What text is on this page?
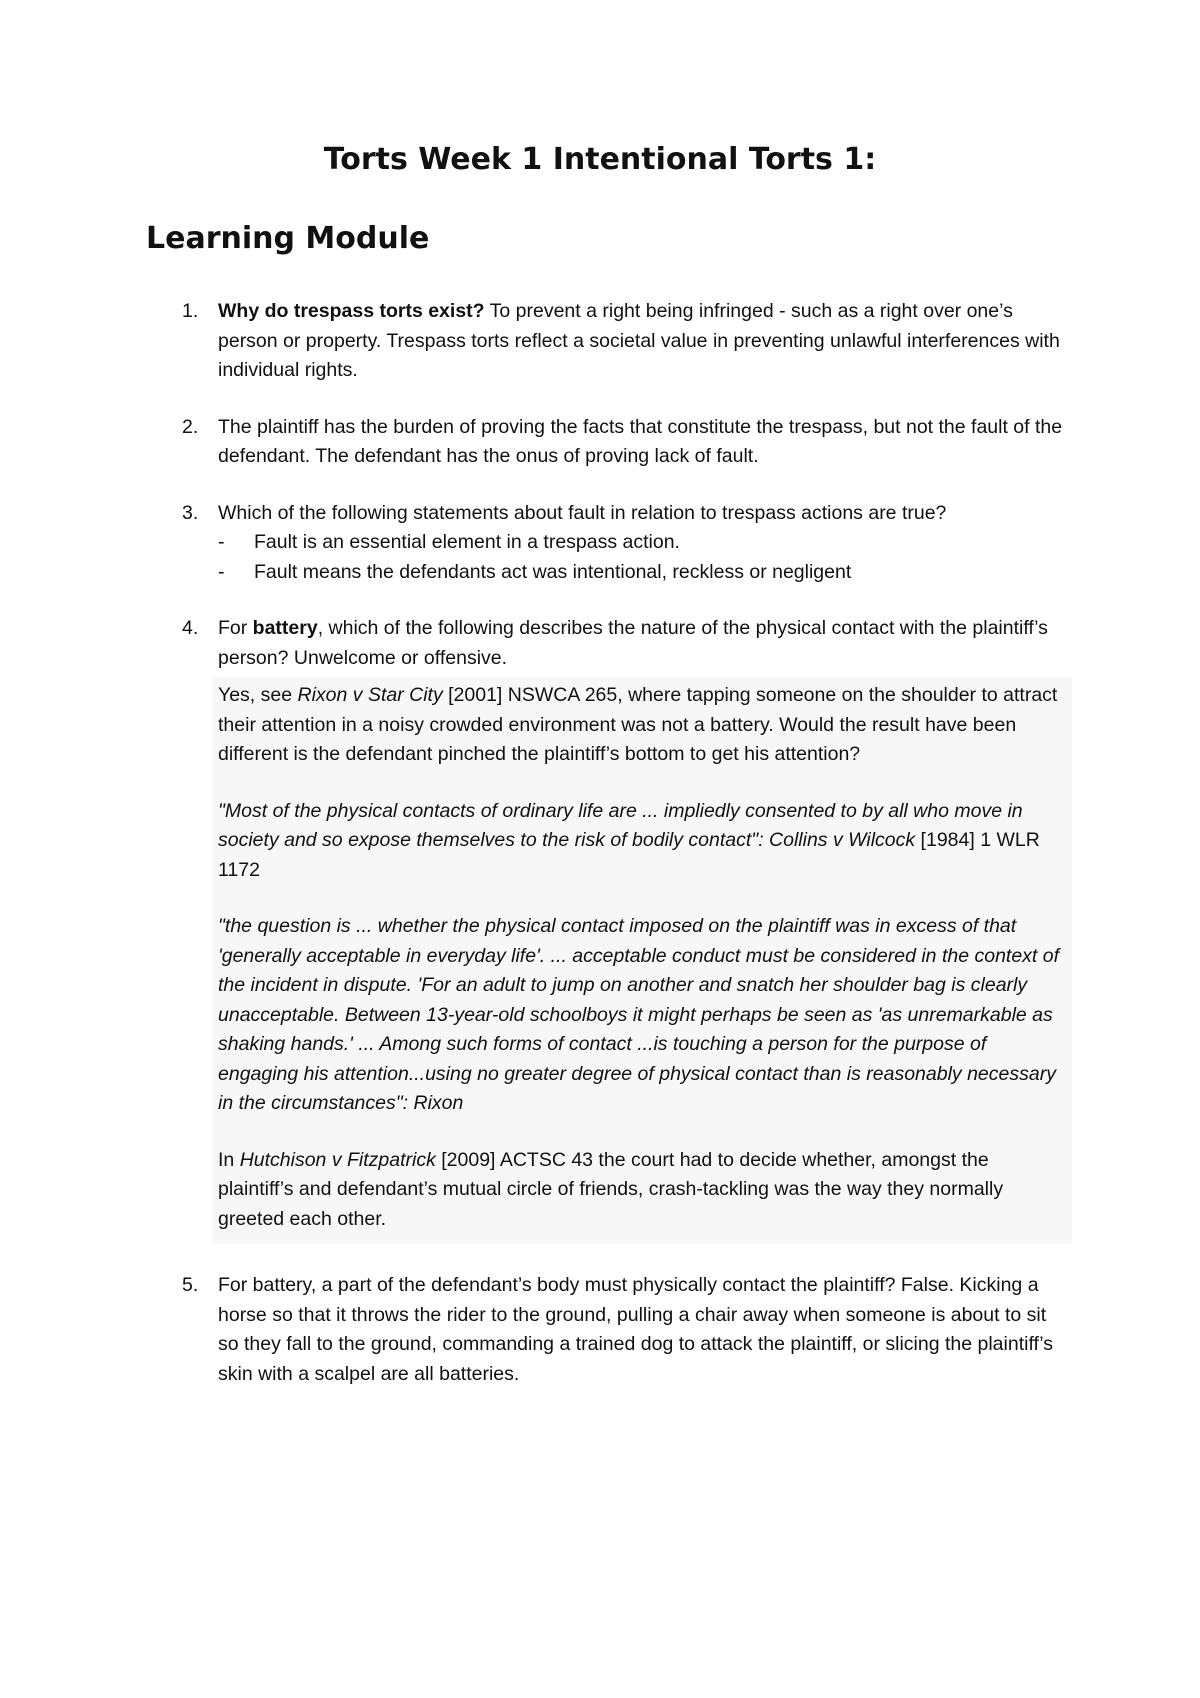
Torts Week 1 Intentional Torts 1:
Learning Module
1. Why do trespass torts exist? To prevent a right being infringed - such as a right over one’s person or property. Trespass torts reflect a societal value in preventing unlawful interferences with individual rights.
2. The plaintiff has the burden of proving the facts that constitute the trespass, but not the fault of the defendant. The defendant has the onus of proving lack of fault.
3. Which of the following statements about fault in relation to trespass actions are true?
- Fault is an essential element in a trespass action.
- Fault means the defendants act was intentional, reckless or negligent
4. For battery, which of the following describes the nature of the physical contact with the plaintiff’s person? Unwelcome or offensive.

Yes, see Rixon v Star City [2001] NSWCA 265, where tapping someone on the shoulder to attract their attention in a noisy crowded environment was not a battery. Would the result have been different is the defendant pinched the plaintiff’s bottom to get his attention?

"Most of the physical contacts of ordinary life are ... impliedly consented to by all who move in society and so expose themselves to the risk of bodily contact": Collins v Wilcock [1984] 1 WLR 1172

"the question is ... whether the physical contact imposed on the plaintiff was in excess of that 'generally acceptable in everyday life'. ... acceptable conduct must be considered in the context of the incident in dispute. 'For an adult to jump on another and snatch her shoulder bag is clearly unacceptable. Between 13-year-old schoolboys it might perhaps be seen as 'as unremarkable as shaking hands.' ... Among such forms of contact ...is touching a person for the purpose of engaging his attention...using no greater degree of physical contact than is reasonably necessary in the circumstances": Rixon

In Hutchison v Fitzpatrick [2009] ACTSC 43 the court had to decide whether, amongst the plaintiff’s and defendant’s mutual circle of friends, crash-tackling was the way they normally greeted each other.

5. For battery, a part of the defendant’s body must physically contact the plaintiff? False. Kicking a horse so that it throws the rider to the ground, pulling a chair away when someone is about to sit so they fall to the ground, commanding a trained dog to attack the plaintiff, or slicing the plaintiff’s skin with a scalpel are all batteries.
